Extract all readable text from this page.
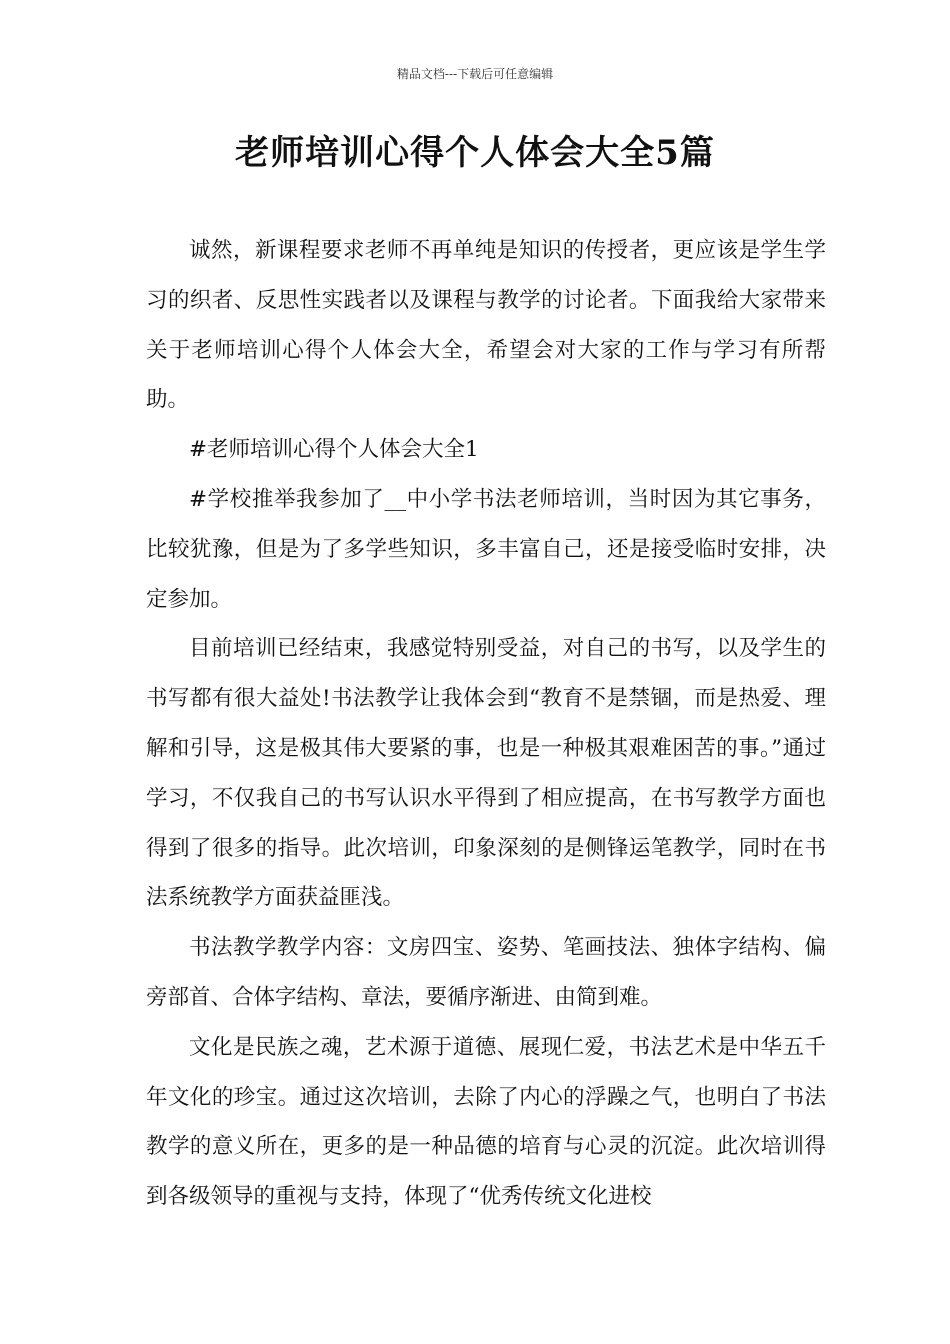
精品文档---下载后可任意编辑
老师培训心得个人体会大全5篇

诚然，新课程要求老师不再单纯是知识的传授者，更应该是学生学习的织者、反思性实践者以及课程与教学的讨论者。下面我给大家带来关于老师培训心得个人体会大全，希望会对大家的工作与学习有所帮助。

#老师培训心得个人体会大全1

#学校推举我参加了__中小学书法老师培训，当时因为其它事务，比较犹豫，但是为了多学些知识，多丰富自己，还是接受临时安排，决定参加。

目前培训已经结束，我感觉特别受益，对自己的书写，以及学生的书写都有很大益处!书法教学让我体会到“教育不是禁锢，而是热爱、理解和引导，这是极其伟大要紧的事，也是一种极其艰难困苦的事。”通过学习，不仅我自己的书写认识水平得到了相应提高，在书写教学方面也得到了很多的指导。此次培训，印象深刻的是侧锋运笔教学，同时在书法系统教学方面获益匪浅。

书法教学教学内容：文房四宝、姿势、笔画技法、独体字结构、偏旁部首、合体字结构、章法，要循序渐进、由简到难。

文化是民族之魂，艺术源于道德、展现仁爱，书法艺术是中华五千年文化的珍宝。通过这次培训，去除了内心的浮躁之气，也明白了书法教学的意义所在，更多的是一种品德的培育与心灵的沉淀。此次培训得到各级领导的重视与支持，体现了“优秀传统文化进校
